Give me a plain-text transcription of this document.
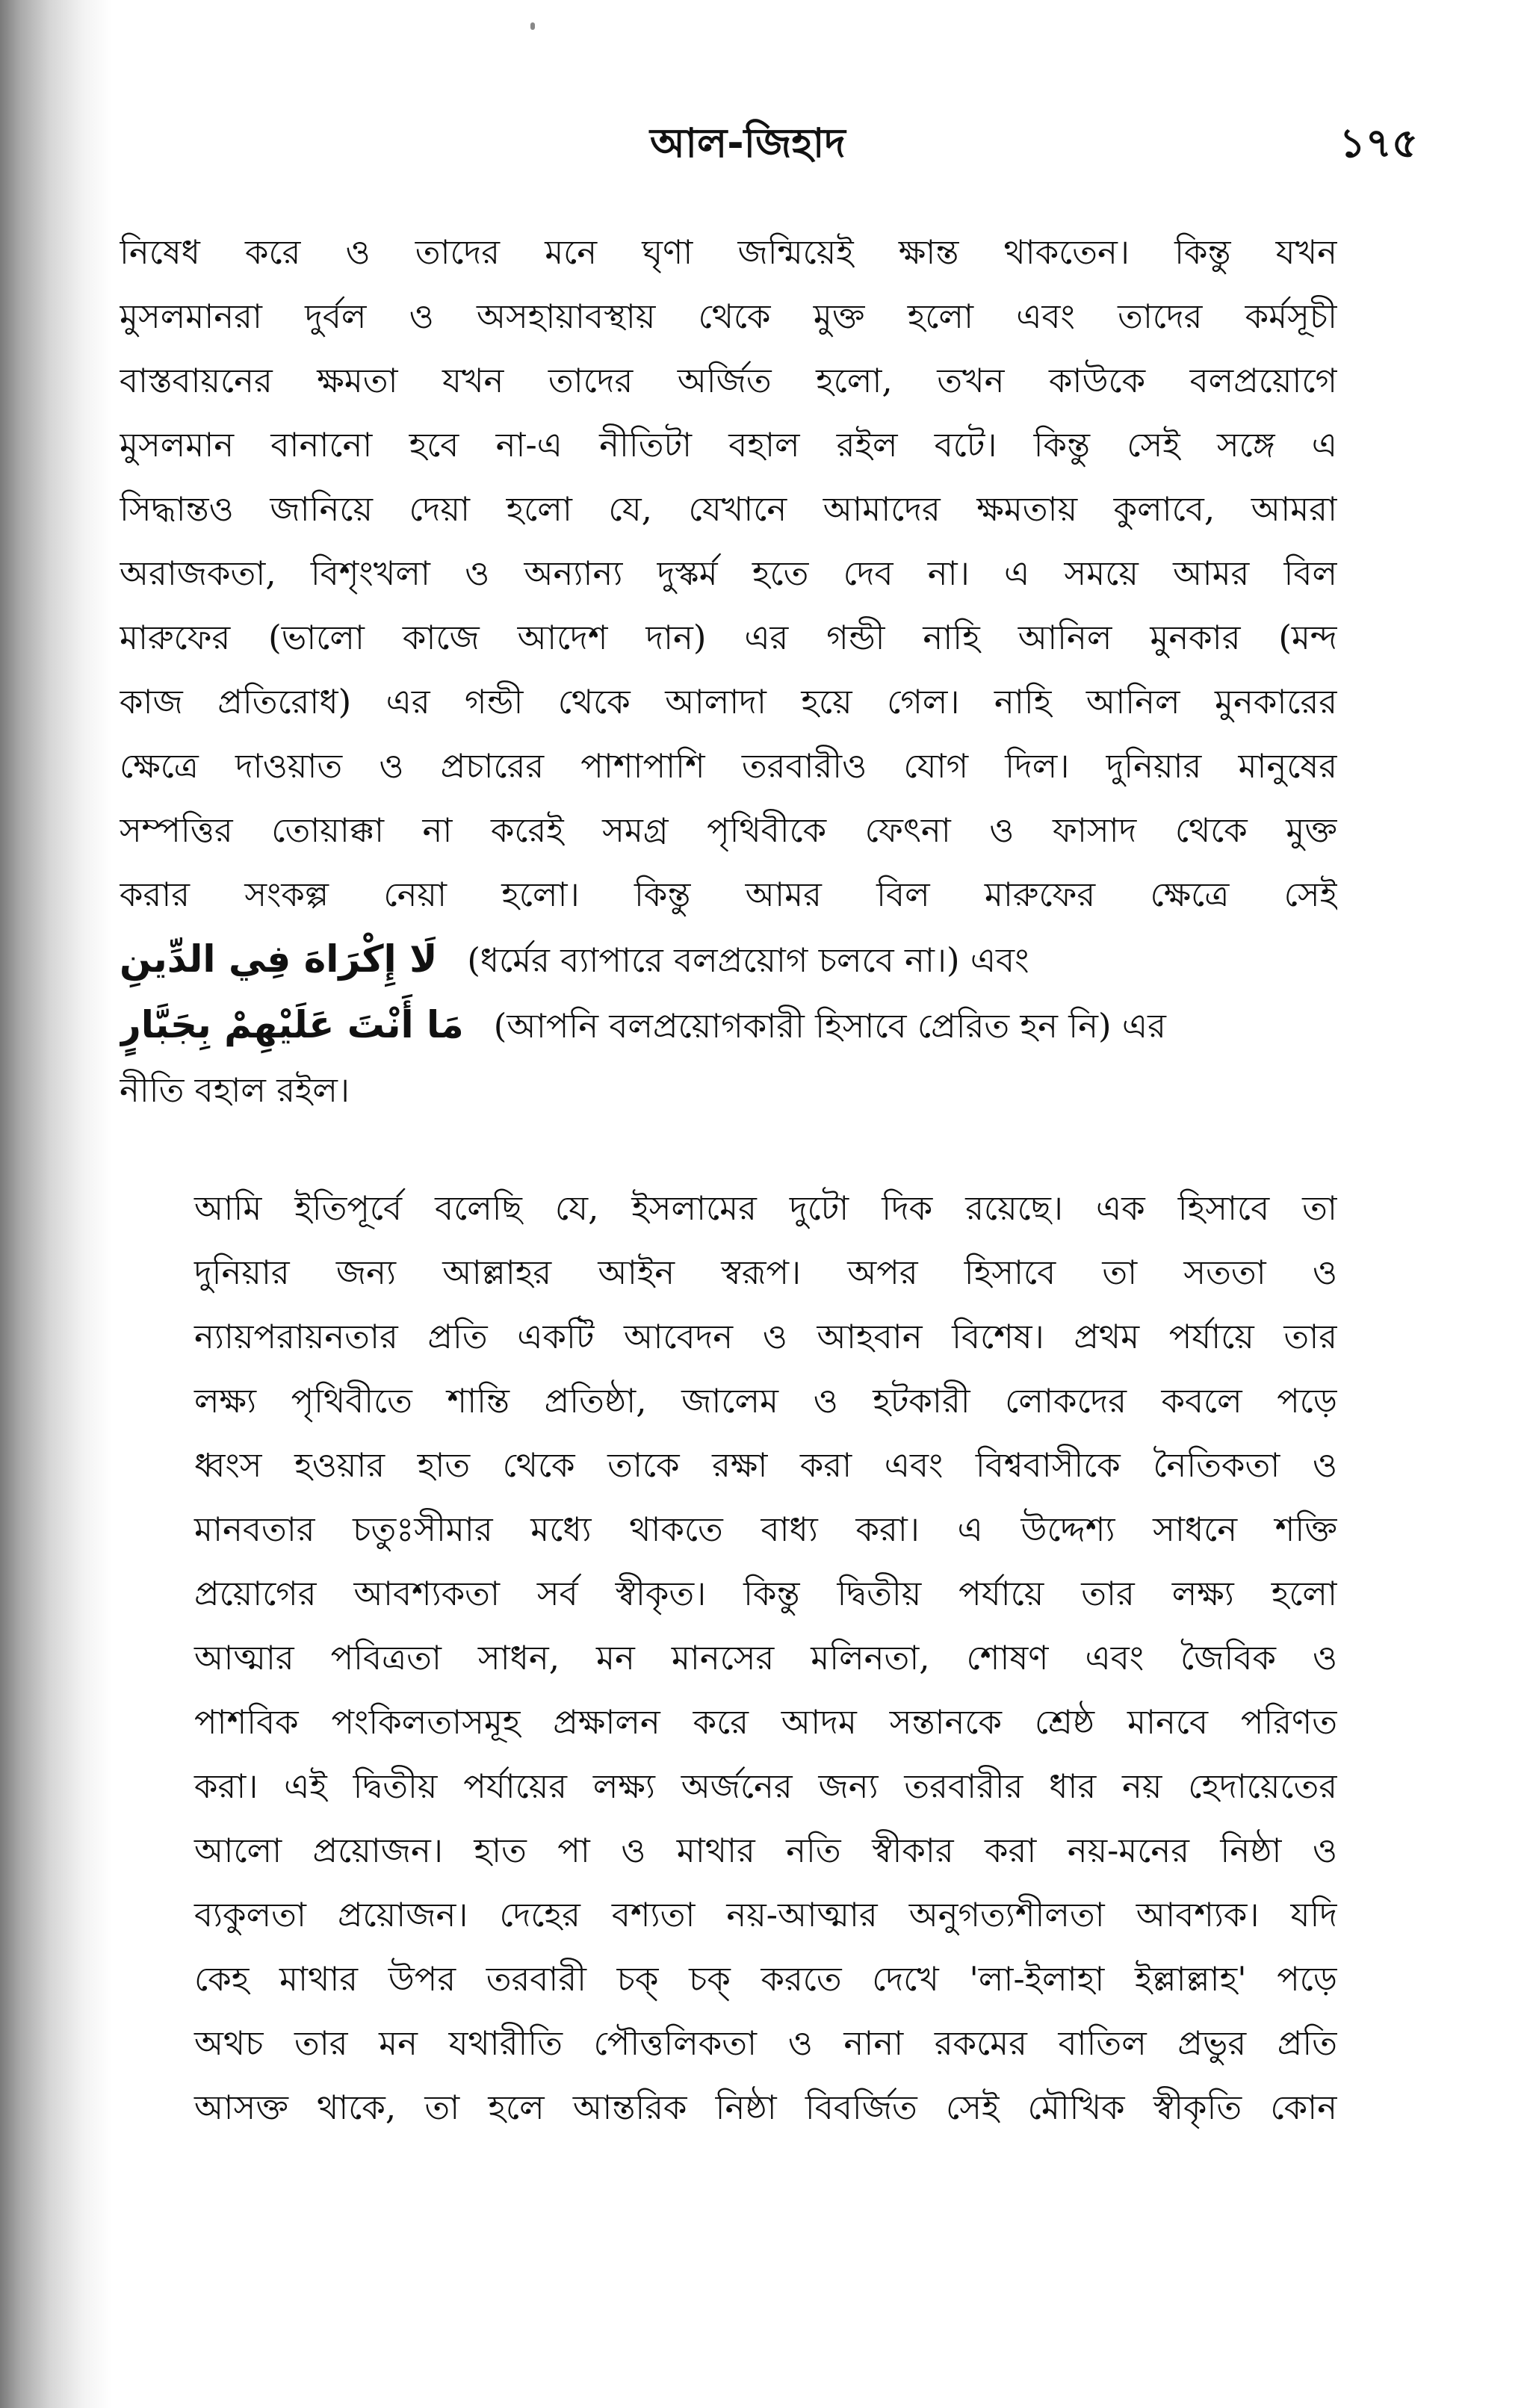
আল-জিহাদ	১৭৫
নিষেধ করে ও তাদের মনে ঘৃণা জন্মিয়েই ক্ষান্ত থাকতেন। কিন্তু যখন
মুসলমানরা দুর্বল ও অসহায়াবস্থায় থেকে মুক্ত হলো এবং তাদের কর্মসূচী
বাস্তবায়নের ক্ষমতা যখন তাদের অর্জিত হলো, তখন কাউকে বলপ্রয়োগে
মুসলমান বানানো হবে না-এ নীতিটা বহাল রইল বটে। কিন্তু সেই সঙ্গে এ
সিদ্ধান্তও জানিয়ে দেয়া হলো যে, যেখানে আমাদের ক্ষমতায় কুলাবে, আমরা
অরাজকতা, বিশৃংখলা ও অন্যান্য দুস্কর্ম হতে দেব না। এ সময়ে আমর বিল
মারুফের (ভালো কাজে আদেশ দান) এর গন্ডী নাহি আনিল মুনকার (মন্দ
কাজ প্রতিরোধ) এর গন্ডী থেকে আলাদা হয়ে গেল। নাহি আনিল মুনকারের
ক্ষেত্রে দাওয়াত ও প্রচারের পাশাপাশি তরবারীও যোগ দিল। দুনিয়ার মানুষের
সম্পত্তির তোয়াক্কা না করেই সমগ্র পৃথিবীকে ফেৎনা ও ফাসাদ থেকে মুক্ত
করার সংকল্প নেয়া হলো। কিন্তু আমর বিল মারুফের ক্ষেত্রে সেই
لَا إِكْرَاهَ فِي الدِّينِ (ধর্মের ব্যাপারে বলপ্রয়োগ চলবে না।) এবং
مَا أَنْتَ عَلَيْهِمْ بِجَبَّارٍ (আপনি বলপ্রয়োগকারী হিসাবে প্রেরিত হন নি) এর
নীতি বহাল রইল।
আমি ইতিপূর্বে বলেছি যে, ইসলামের দুটো দিক রয়েছে। এক হিসাবে তা
দুনিয়ার জন্য আল্লাহর আইন স্বরূপ। অপর হিসাবে তা সততা ও
ন্যায়পরায়নতার প্রতি একটি আবেদন ও আহবান বিশেষ। প্রথম পর্যায়ে তার
লক্ষ্য পৃথিবীতে শান্তি প্রতিষ্ঠা, জালেম ও হটকারী লোকদের কবলে পড়ে
ধ্বংস হওয়ার হাত থেকে তাকে রক্ষা করা এবং বিশ্ববাসীকে নৈতিকতা ও
মানবতার চতুঃসীমার মধ্যে থাকতে বাধ্য করা। এ উদ্দেশ্য সাধনে শক্তি
প্রয়োগের আবশ্যকতা সর্ব স্বীকৃত। কিন্তু দ্বিতীয় পর্যায়ে তার লক্ষ্য হলো
আত্মার পবিত্রতা সাধন, মন মানসের মলিনতা, শোষণ এবং জৈবিক ও
পাশবিক পংকিলতাসমূহ প্রক্ষালন করে আদম সন্তানকে শ্রেষ্ঠ মানবে পরিণত
করা। এই দ্বিতীয় পর্যায়ের লক্ষ্য অর্জনের জন্য তরবারীর ধার নয় হেদায়েতের
আলো প্রয়োজন। হাত পা ও মাথার নতি স্বীকার করা নয়-মনের নিষ্ঠা ও
ব্যকুলতা প্রয়োজন। দেহের বশ্যতা নয়-আত্মার অনুগত্যশীলতা আবশ্যক। যদি
কেহ মাথার উপর তরবারী চক্ চক্ করতে দেখে 'লা-ইলাহা ইল্লাল্লাহ' পড়ে
অথচ তার মন যথারীতি পৌত্তলিকতা ও নানা রকমের বাতিল প্রভুর প্রতি
আসক্ত থাকে, তা হলে আন্তরিক নিষ্ঠা বিবর্জিত সেই মৌখিক স্বীকৃতি কোন
